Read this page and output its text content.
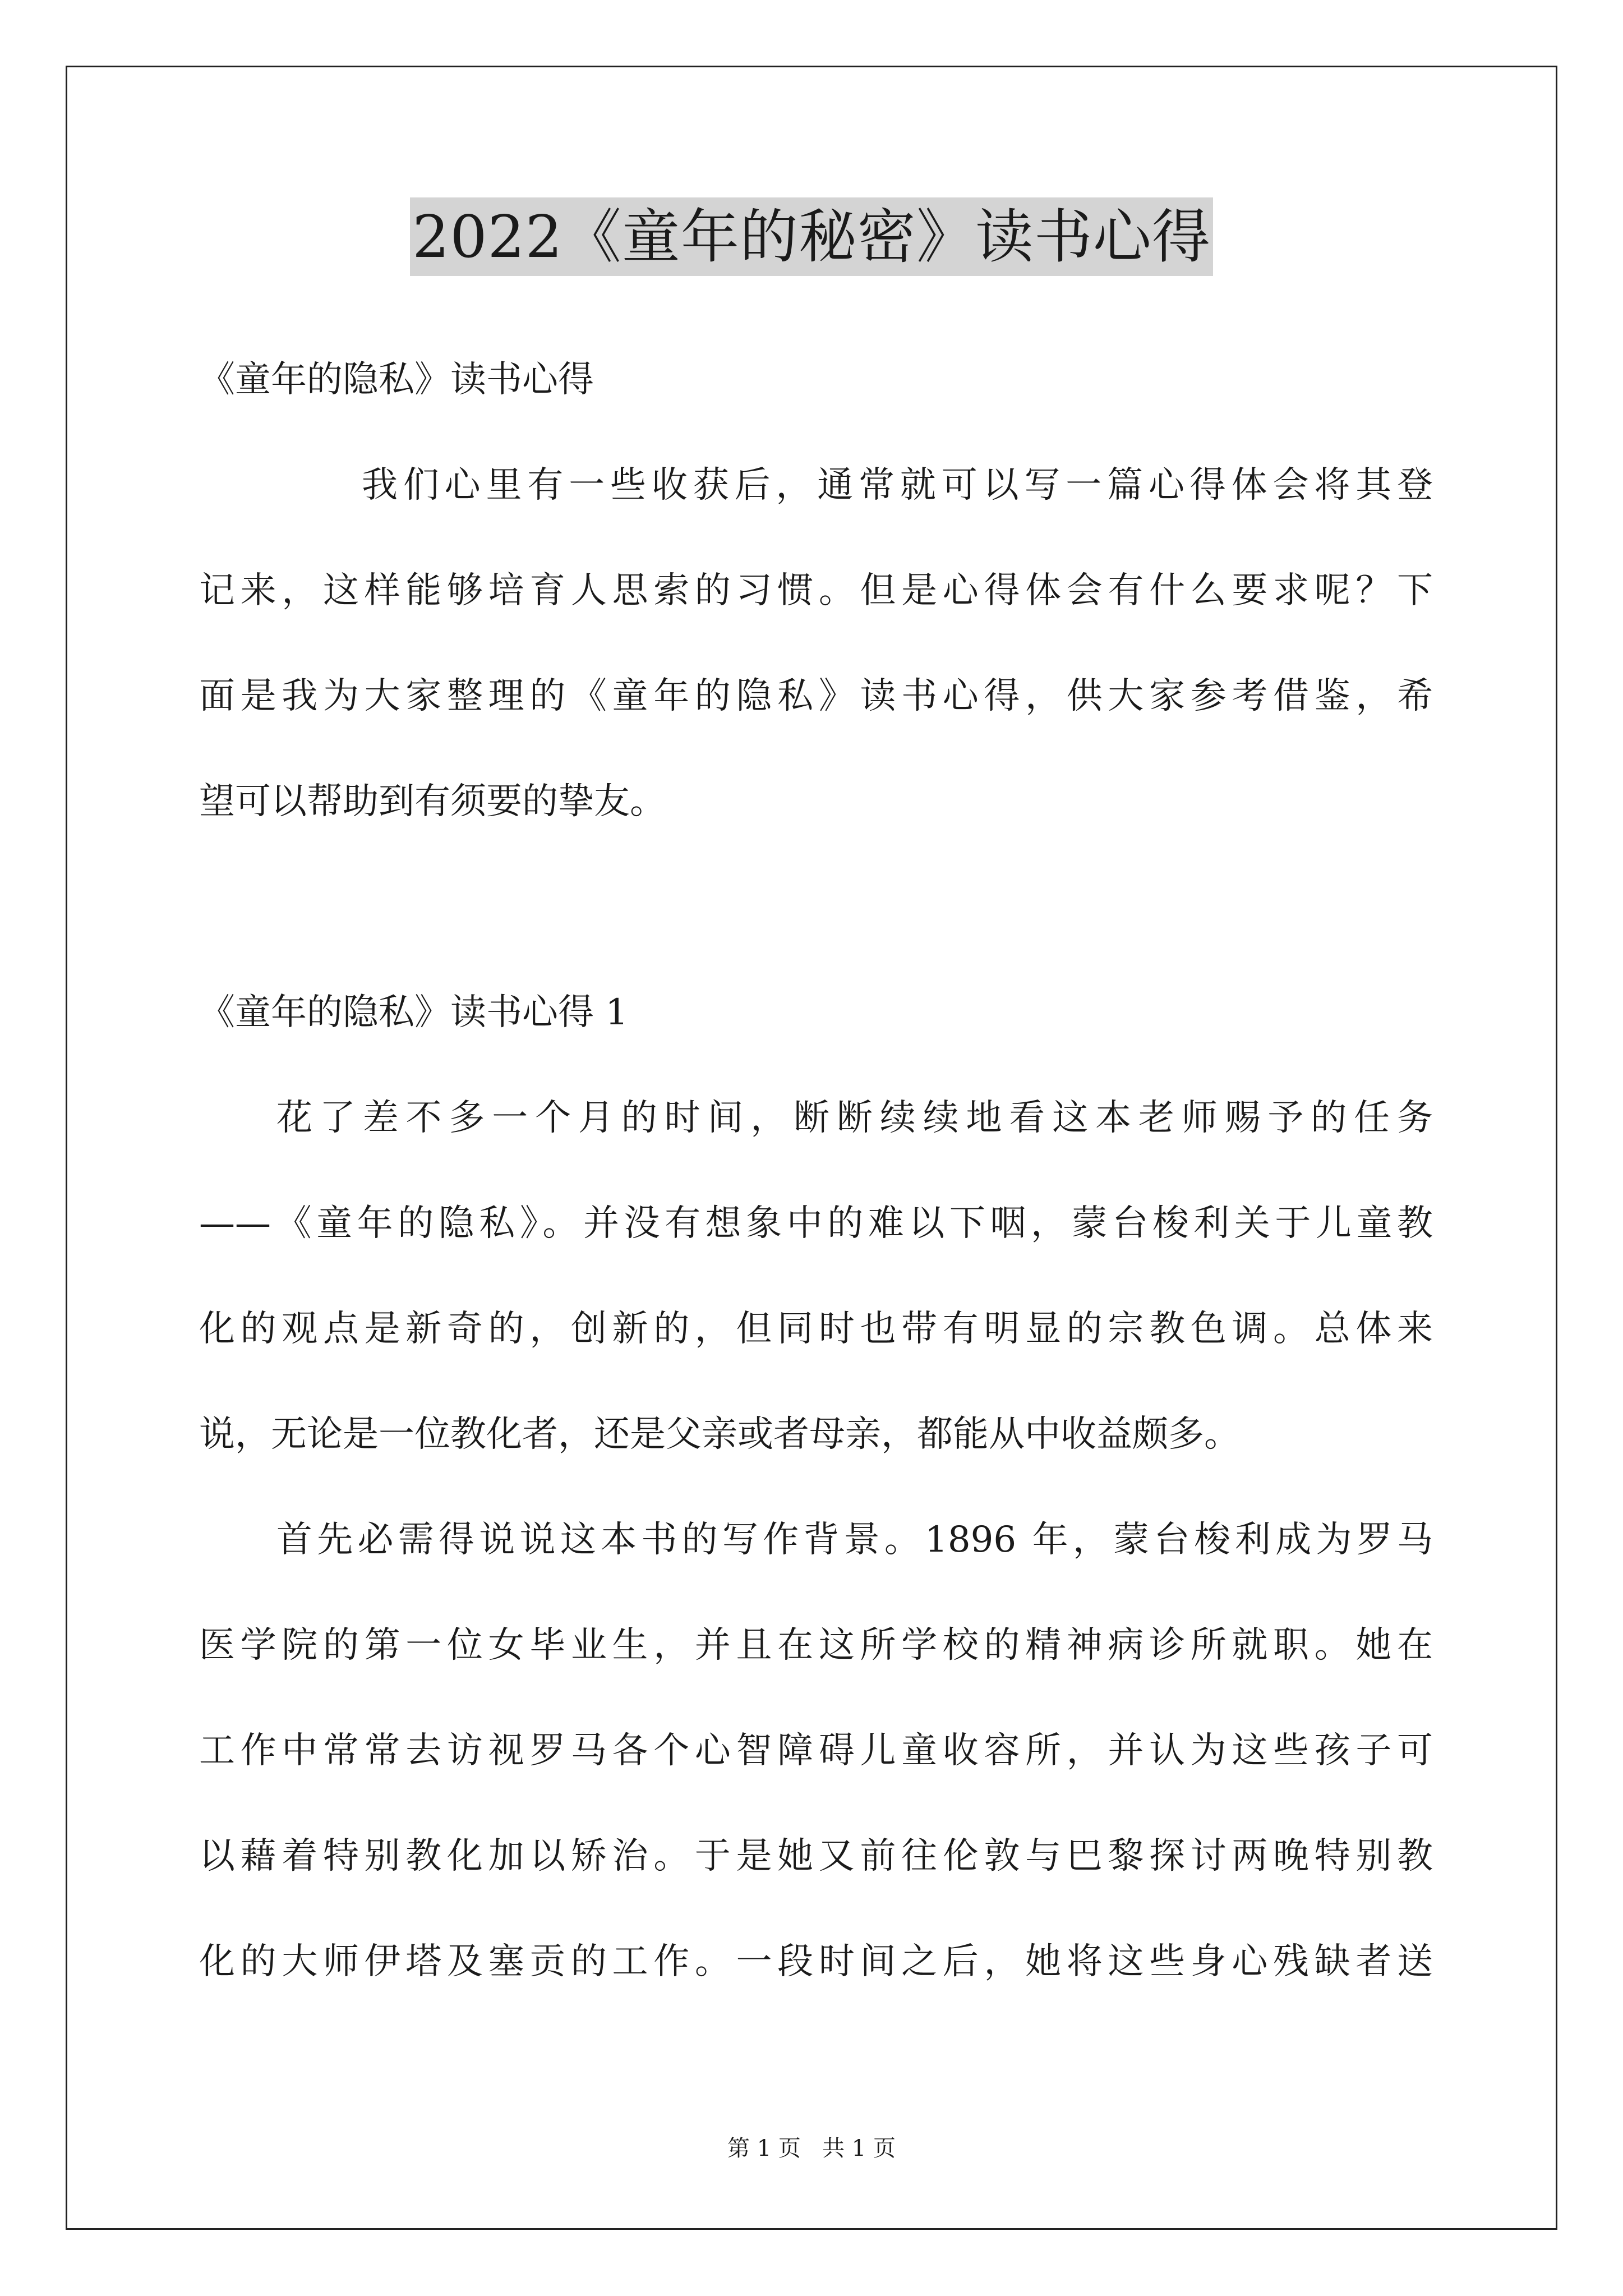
2022《童年的秘密》读书心得
《童年的隐私》读书心得
我们心里有一些收获后，通常就可以写一篇心得体会将其登
记来，这样能够培育人思索的习惯。但是心得体会有什么要求呢？下
面是我为大家整理的《童年的隐私》读书心得，供大家参考借鉴，希
望可以帮助到有须要的挚友。
《童年的隐私》读书心得 1
花了差不多一个月的时间，断断续续地看这本老师赐予的任务
——《童年的隐私》。并没有想象中的难以下咽，蒙台梭利关于儿童教
化的观点是新奇的，创新的，但同时也带有明显的宗教色调。总体来
说，无论是一位教化者，还是父亲或者母亲，都能从中收益颇多。
首先必需得说说这本书的写作背景。1896 年，蒙台梭利成为罗马
医学院的第一位女毕业生，并且在这所学校的精神病诊所就职。她在
工作中常常去访视罗马各个心智障碍儿童收容所，并认为这些孩子可
以藉着特别教化加以矫治。于是她又前往伦敦与巴黎探讨两晚特别教
化的大师伊塔及塞贡的工作。一段时间之后，她将这些身心残缺者送
第 1 页   共 1 页
